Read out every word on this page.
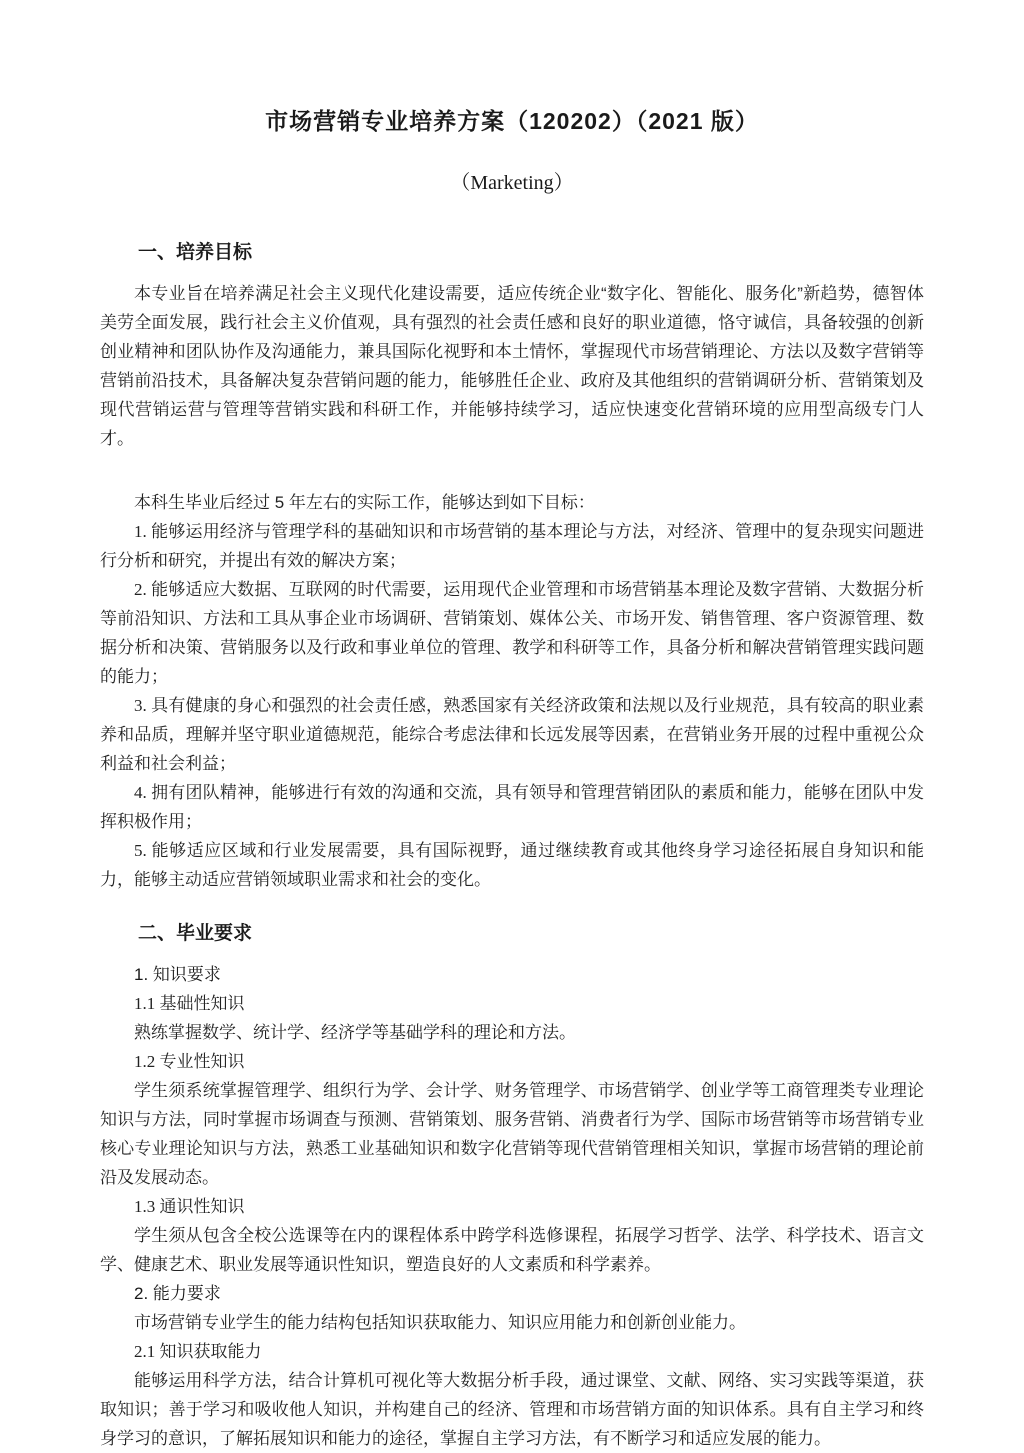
市场营销专业培养方案（120202）（2021 版）
（Marketing）
一、培养目标

本专业旨在培养满足社会主义现代化建设需要，适应传统企业“数字化、智能化、服务化”新趋势，德智体美劳全面发展，践行社会主义价值观，具有强烈的社会责任感和良好的职业道德，恪守诚信，具备较强的创新创业精神和团队协作及沟通能力，兼具国际化视野和本土情怀，掌握现代市场营销理论、方法以及数字营销等营销前沿技术，具备解决复杂营销问题的能力，能够胜任企业、政府及其他组织的营销调研分析、营销策划及现代营销运营与管理等营销实践和科研工作，并能够持续学习，适应快速变化营销环境的应用型高级专门人才。

本科生毕业后经过 5 年左右的实际工作，能够达到如下目标：

1. 能够运用经济与管理学科的基础知识和市场营销的基本理论与方法，对经济、管理中的复杂现实问题进行分析和研究，并提出有效的解决方案；

2. 能够适应大数据、互联网的时代需要，运用现代企业管理和市场营销基本理论及数字营销、大数据分析等前沿知识、方法和工具从事企业市场调研、营销策划、媒体公关、市场开发、销售管理、客户资源管理、数据分析和决策、营销服务以及行政和事业单位的管理、教学和科研等工作，具备分析和解决营销管理实践问题的能力；

3. 具有健康的身心和强烈的社会责任感，熟悉国家有关经济政策和法规以及行业规范，具有较高的职业素养和品质，理解并坚守职业道德规范，能综合考虑法律和长远发展等因素，在营销业务开展的过程中重视公众利益和社会利益；

4. 拥有团队精神，能够进行有效的沟通和交流，具有领导和管理营销团队的素质和能力，能够在团队中发挥积极作用；

5. 能够适应区域和行业发展需要，具有国际视野，通过继续教育或其他终身学习途径拓展自身知识和能力，能够主动适应营销领域职业需求和社会的变化。

二、毕业要求

1. 知识要求

1.1 基础性知识

熟练掌握数学、统计学、经济学等基础学科的理论和方法。

1.2 专业性知识

学生须系统掌握管理学、组织行为学、会计学、财务管理学、市场营销学、创业学等工商管理类专业理论知识与方法，同时掌握市场调查与预测、营销策划、服务营销、消费者行为学、国际市场营销等市场营销专业核心专业理论知识与方法，熟悉工业基础知识和数字化营销等现代营销管理相关知识，掌握市场营销的理论前沿及发展动态。

1.3 通识性知识

学生须从包含全校公选课等在内的课程体系中跨学科选修课程，拓展学习哲学、法学、科学技术、语言文学、健康艺术、职业发展等通识性知识，塑造良好的人文素质和科学素养。

2. 能力要求

市场营销专业学生的能力结构包括知识获取能力、知识应用能力和创新创业能力。

2.1 知识获取能力

能够运用科学方法，结合计算机可视化等大数据分析手段，通过课堂、文献、网络、实习实践等渠道，获取知识；善于学习和吸收他人知识，并构建自己的经济、管理和市场营销方面的知识体系。具有自主学习和终身学习的意识，了解拓展知识和能力的途径，掌握自主学习方法，有不断学习和适应发展的能力。
